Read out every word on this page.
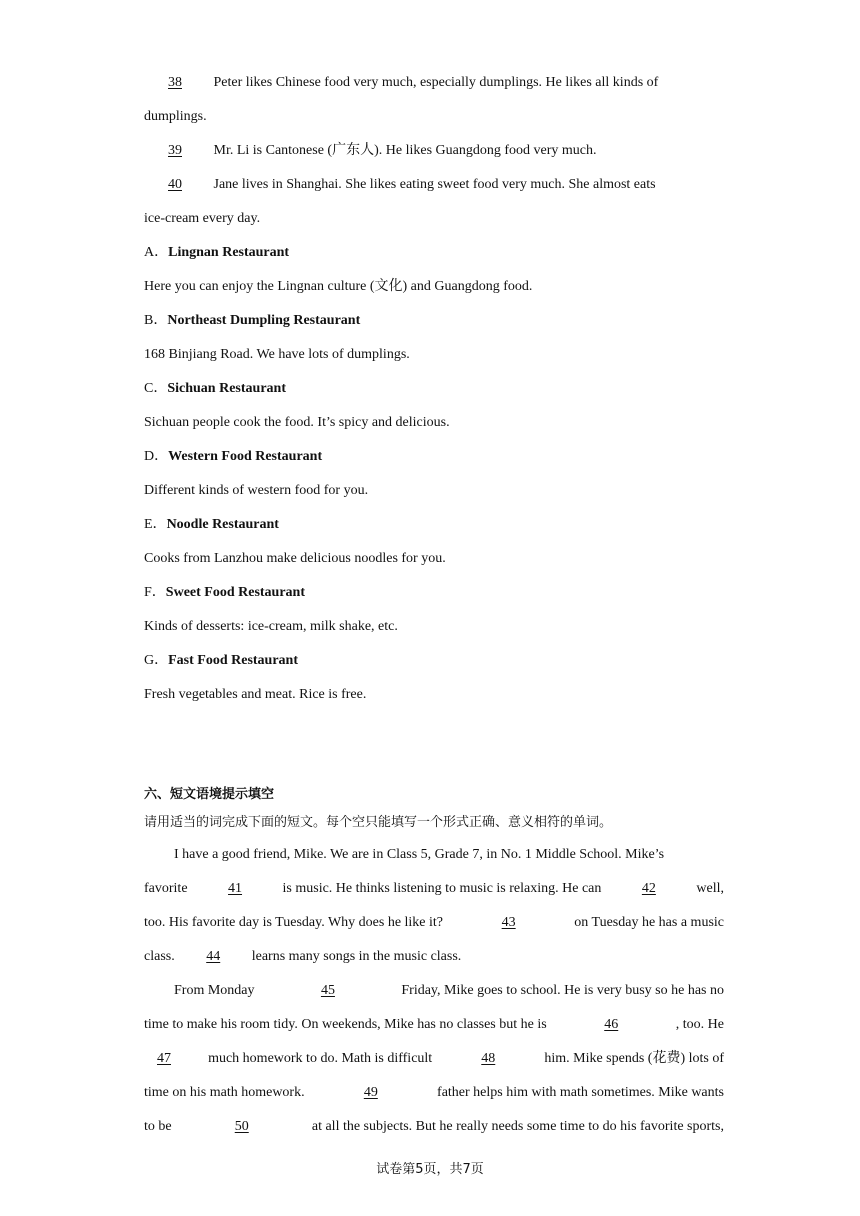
38 Peter likes Chinese food very much, especially dumplings. He likes all kinds of
dumplings.
39 Mr. Li is Cantonese (广东人). He likes Guangdong food very much.
40 Jane lives in Shanghai. She likes eating sweet food very much. She almost eats
ice-cream every day.
A．Lingnan Restaurant
Here you can enjoy the Lingnan culture (文化) and Guangdong food.
B．Northeast Dumpling Restaurant
168 Binjiang Road. We have lots of dumplings.
C．Sichuan Restaurant
Sichuan people cook the food. It’s spicy and delicious.
D．Western Food Restaurant
Different kinds of western food for you.
E．Noodle Restaurant
Cooks from Lanzhou make delicious noodles for you.
F．Sweet Food Restaurant
Kinds of desserts: ice-cream, milk shake, etc.
G．Fast Food Restaurant
Fresh vegetables and meat. Rice is free.
六、短文语境提示填空
请用适当的词完成下面的短文。每个空只能填写一个形式正确、意义相符的单词。
I have a good friend, Mike. We are in Class 5, Grade 7, in No. 1 Middle School. Mike’s
favorite	41	is music. He thinks listening to music is relaxing. He can	42	well,
too. His favorite day is Tuesday. Why does he like it?	43	on Tuesday he has a music
class. 44 learns many songs in the music class.
From Monday	45	Friday, Mike goes to school. He is very busy so he has no
time to make his room tidy. On weekends, Mike has no classes but he is	46	, too. He
47	much homework to do. Math is difficult	48	him. Mike spends (花费) lots of
time on his math homework.	49	father helps him with math sometimes. Mike wants
to be	50	at all the subjects. But he really needs some time to do his favorite sports,
试卷第5页，共7页
